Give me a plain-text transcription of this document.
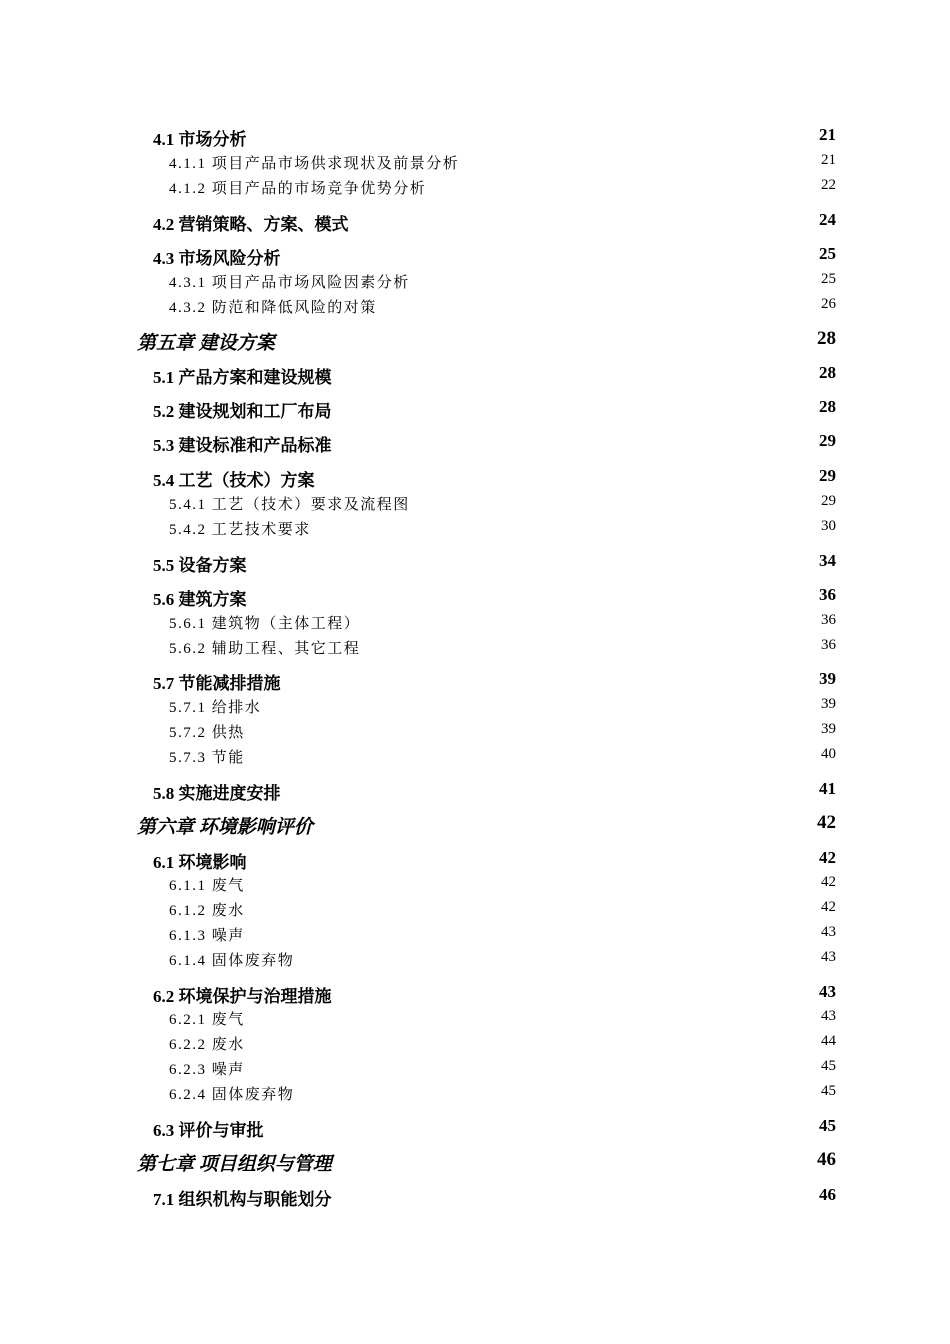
4.1 市场分析	21
4.1.1 项目产品市场供求现状及前景分析	21
4.1.2 项目产品的市场竞争优势分析	22
4.2 营销策略、方案、模式	24
4.3 市场风险分析	25
4.3.1 项目产品市场风险因素分析	25
4.3.2 防范和降低风险的对策	26
第五章 建设方案	28
5.1 产品方案和建设规模	28
5.2 建设规划和工厂布局	28
5.3 建设标准和产品标准	29
5.4 工艺（技术）方案	29
5.4.1 工艺（技术）要求及流程图	29
5.4.2 工艺技术要求	30
5.5 设备方案	34
5.6 建筑方案	36
5.6.1 建筑物（主体工程）	36
5.6.2 辅助工程、其它工程	36
5.7 节能减排措施	39
5.7.1 给排水	39
5.7.2 供热	39
5.7.3 节能	40
5.8 实施进度安排	41
第六章 环境影响评价	42
6.1 环境影响	42
6.1.1 废气	42
6.1.2 废水	42
6.1.3 噪声	43
6.1.4 固体废弃物	43
6.2 环境保护与治理措施	43
6.2.1 废气	43
6.2.2 废水	44
6.2.3 噪声	45
6.2.4 固体废弃物	45
6.3 评价与审批	45
第七章 项目组织与管理	46
7.1 组织机构与职能划分	46
